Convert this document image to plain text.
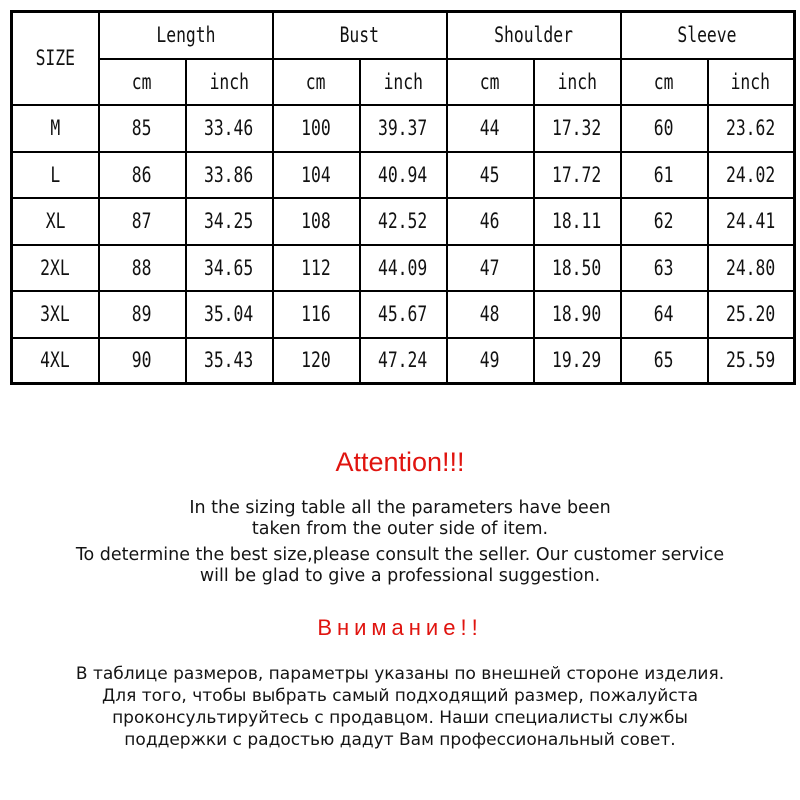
SIZE	Length		Bust		Shoulder		Sleeve	
	cm	inch	cm	inch	cm	inch	cm	inch
M	85	33.46	100	39.37	44	17.32	60	23.62
L	86	33.86	104	40.94	45	17.72	61	24.02
XL	87	34.25	108	42.52	46	18.11	62	24.41
2XL	88	34.65	112	44.09	47	18.50	63	24.80
3XL	89	35.04	116	45.67	48	18.90	64	25.20
4XL	90	35.43	120	47.24	49	19.29	65	25.59
Attention!!!
In the sizing table all the parameters have been
taken from the outer side of item.
To determine the best size,please consult the seller. Our customer service
will be glad to give a professional suggestion.
Внимание!!
В таблице размеров, параметры указаны по внешней стороне изделия.
Для того, чтобы выбрать самый подходящий размер, пожалуйста
проконсультируйтесь с продавцом. Наши специалисты службы
поддержки с радостью дадут Вам профессиональный совет.
